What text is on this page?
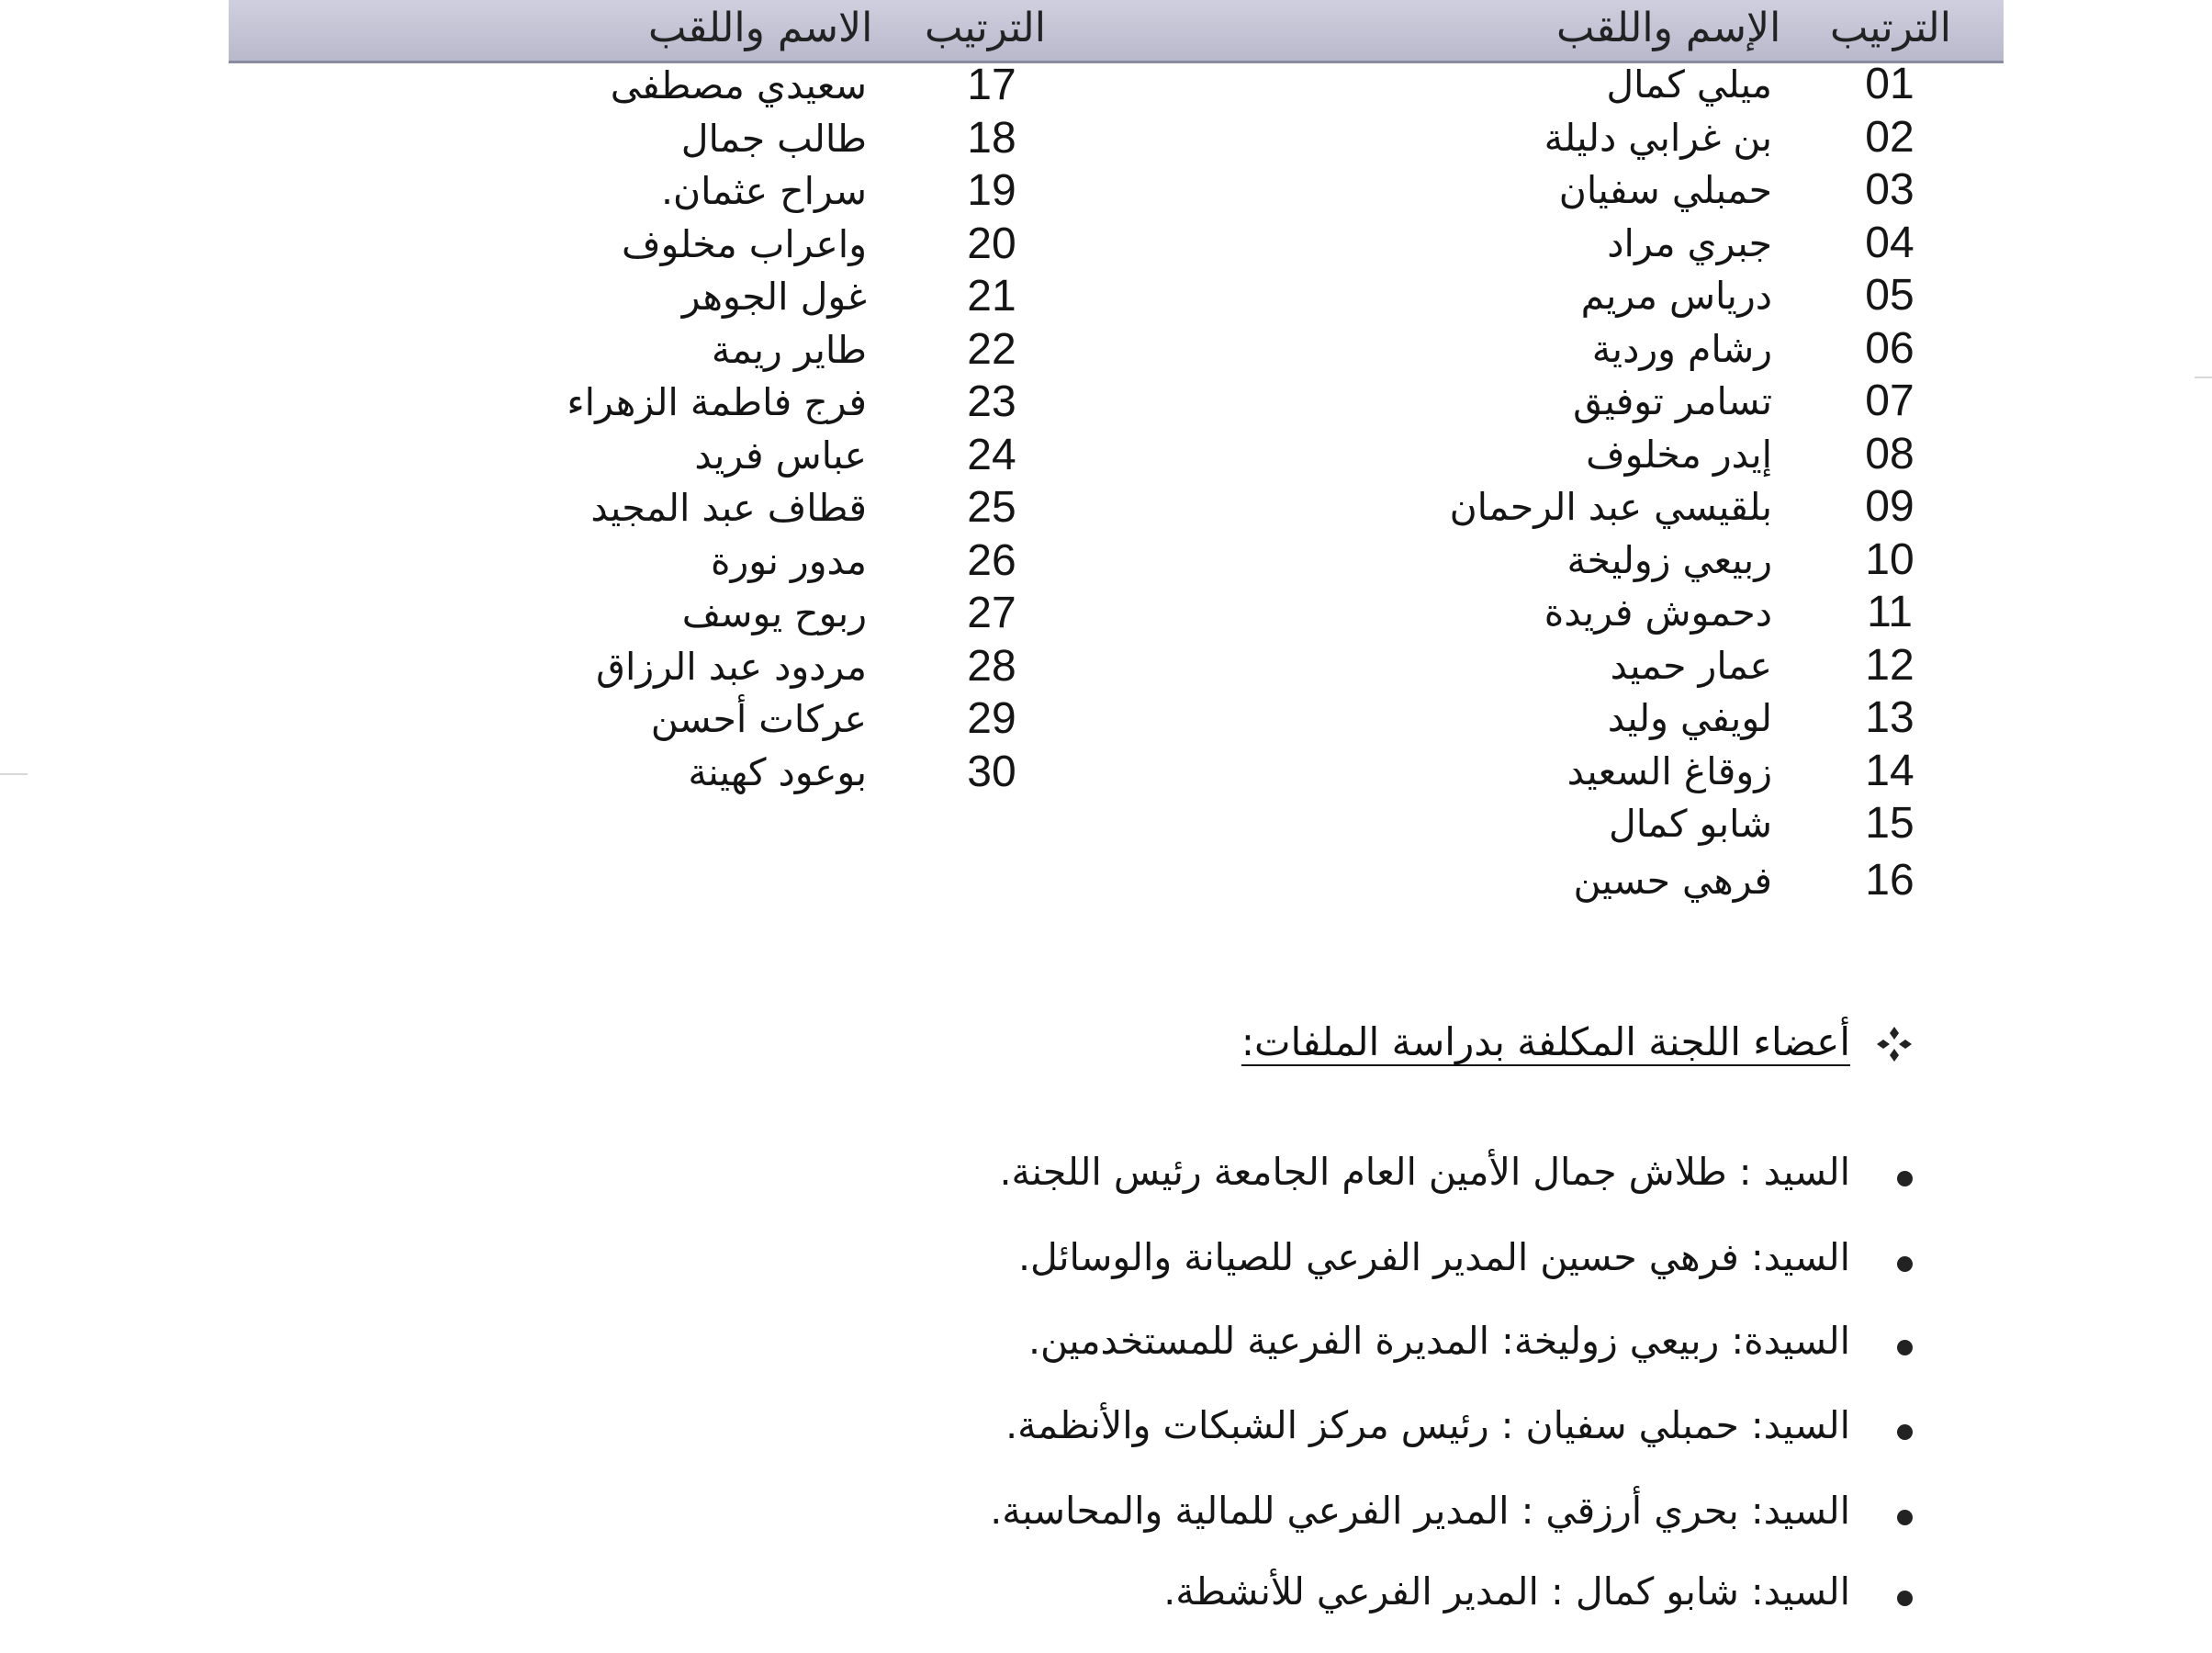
الترتيب
الإسم واللقب
الترتيب
الاسم واللقب
01
ميلي كمال
02
بن غرابي دليلة
03
حمبلي سفيان
04
جبري مراد
05
درياس مريم
06
رشام وردية
07
تسامر توفيق
08
إيدر مخلوف
09
بلقيسي عبد الرحمان
10
ربيعي زوليخة
11
دحموش فريدة
12
عمار حميد
13
لويفي وليد
14
زوقاغ السعيد
15
شابو كمال
16
فرهي حسين
17
سعيدي مصطفى
18
طالب جمال
19
سراح عثمان.
20
واعراب مخلوف
21
غول الجوهر
22
طاير ريمة
23
فرج فاطمة الزهراء
24
عباس فريد
25
قطاف عبد المجيد
26
مدور نورة
27
ربوح يوسف
28
مردود عبد الرزاق
29
عركات أحسن
30
بوعود كهينة
أعضاء اللجنة المكلفة بدراسة الملفات:
السيد : طلاش جمال الأمين العام الجامعة رئيس اللجنة.
السيد: فرهي حسين المدير الفرعي للصيانة والوسائل.
السيدة: ربيعي زوليخة: المديرة الفرعية للمستخدمين.
السيد: حمبلي سفيان : رئيس مركز الشبكات والأنظمة.
السيد: بحري أرزقي : المدير الفرعي للمالية والمحاسبة.
السيد: شابو كمال : المدير الفرعي للأنشطة.
